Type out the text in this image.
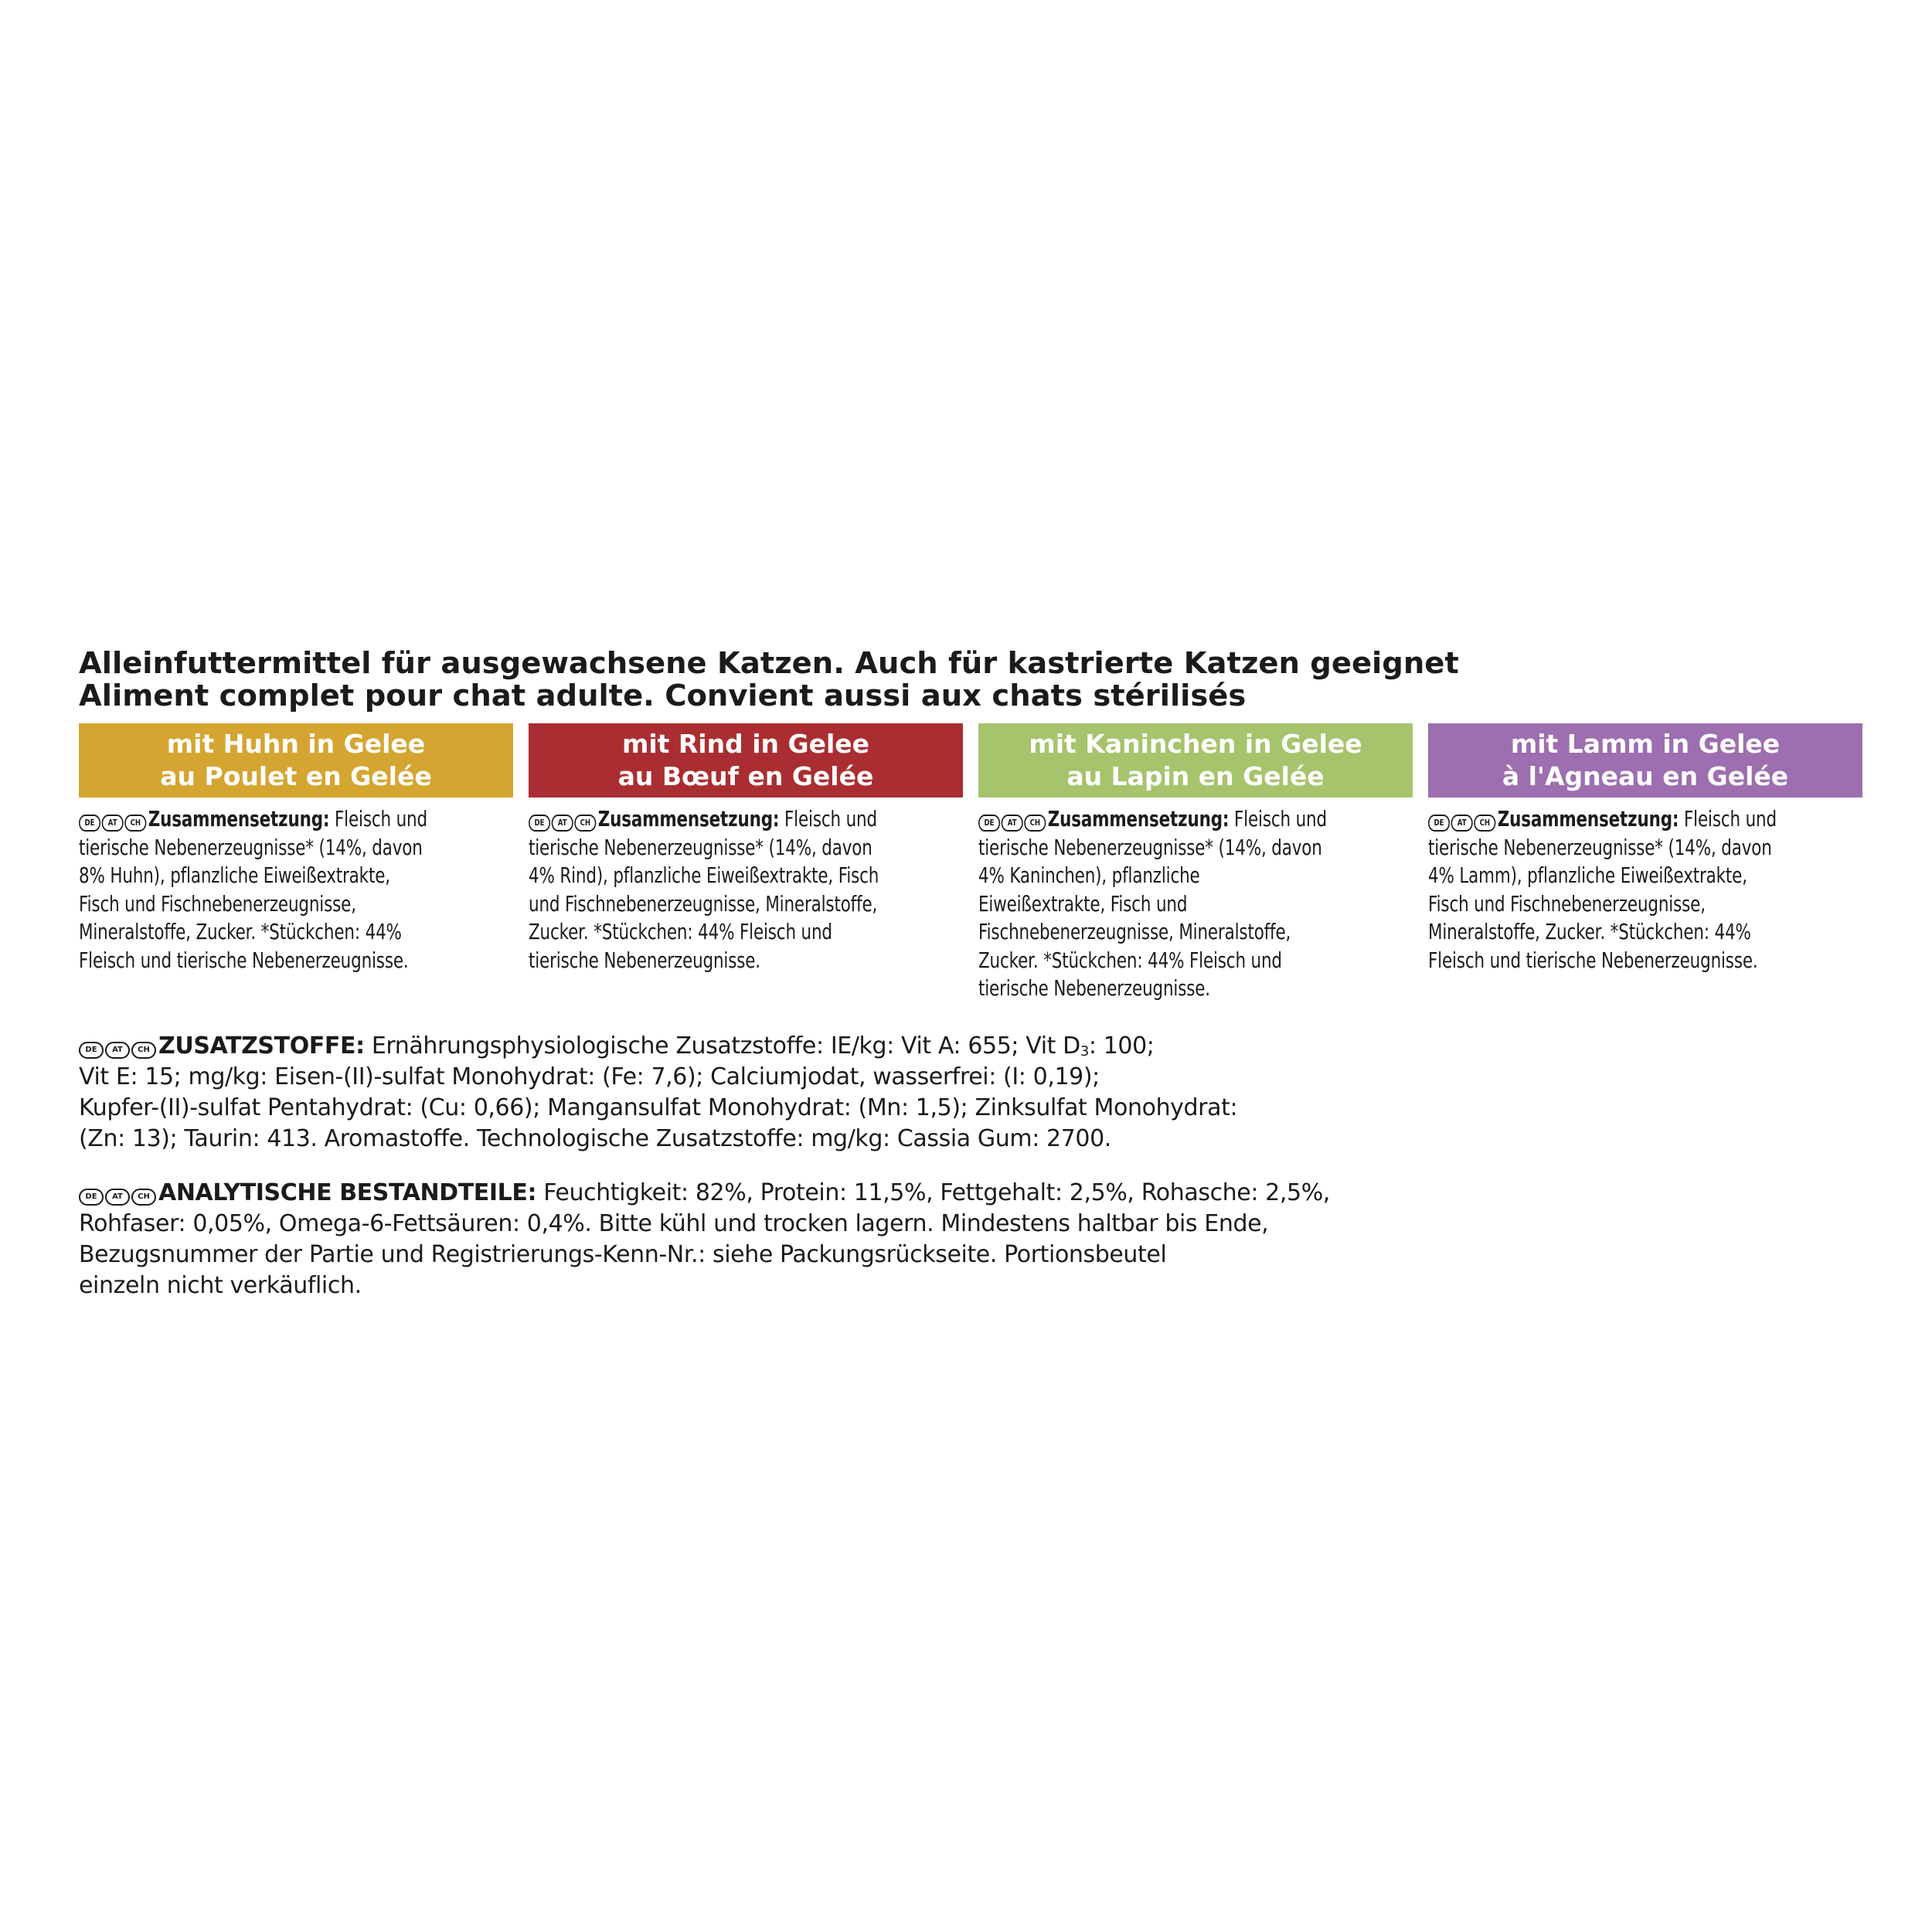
Alleinfuttermittel für ausgewachsene Katzen. Auch für kastrierte Katzen geeignet
Aliment complet pour chat adulte. Convient aussi aux chats stérilisés
mit Huhn in Gelee
au Poulet en Gelée
DE	AT	CH Zusammensetzung: Fleisch und
tierische Nebenerzeugnisse* (14%, davon
8% Huhn), pflanzliche Eiweißextrakte,
Fisch und Fischnebenerzeugnisse,
Mineralstoffe, Zucker. *Stückchen: 44%
Fleisch und tierische Nebenerzeugnisse.
mit Rind in Gelee
au Bœuf en Gelée
DE	AT	CH Zusammensetzung: Fleisch und
tierische Nebenerzeugnisse* (14%, davon
4% Rind), pflanzliche Eiweißextrakte, Fisch
und Fischnebenerzeugnisse, Mineralstoffe,
Zucker. *Stückchen: 44% Fleisch und
tierische Nebenerzeugnisse.
mit Kaninchen in Gelee
au Lapin en Gelée
DE	AT	CH Zusammensetzung: Fleisch und
tierische Nebenerzeugnisse* (14%, davon
4% Kaninchen), pflanzliche
Eiweißextrakte, Fisch und
Fischnebenerzeugnisse, Mineralstoffe,
Zucker. *Stückchen: 44% Fleisch und
tierische Nebenerzeugnisse.
mit Lamm in Gelee
à l'Agneau en Gelée
DE	AT	CH Zusammensetzung: Fleisch und
tierische Nebenerzeugnisse* (14%, davon
4% Lamm), pflanzliche Eiweißextrakte,
Fisch und Fischnebenerzeugnisse,
Mineralstoffe, Zucker. *Stückchen: 44%
Fleisch und tierische Nebenerzeugnisse.
DE	AT	CH ZUSATZSTOFFE: Ernährungsphysiologische Zusatzstoffe: IE/kg: Vit A: 655; Vit $D_3$: 100;
Vit E: 15; mg/kg: Eisen-(II)-sulfat Monohydrat: (Fe: 7,6); Calciumjodat, wasserfrei: (I: 0,19);
Kupfer-(II)-sulfat Pentahydrat: (Cu: 0,66); Mangansulfat Monohydrat: (Mn: 1,5); Zinksulfat Monohydrat:
(Zn: 13); Taurin: 413. Aromastoffe. Technologische Zusatzstoffe: mg/kg: Cassia Gum: 2700.
DE	AT	CH ANALYTISCHE BESTANDTEILE: Feuchtigkeit: 82%, Protein: 11,5%, Fettgehalt: 2,5%, Rohasche: 2,5%,
Rohfaser: 0,05%, Omega-6-Fettsäuren: 0,4%. Bitte kühl und trocken lagern. Mindestens haltbar bis Ende,
Bezugsnummer der Partie und Registrierungs-Kenn-Nr.: siehe Packungsrückseite. Portionsbeutel
einzeln nicht verkäuflich.
